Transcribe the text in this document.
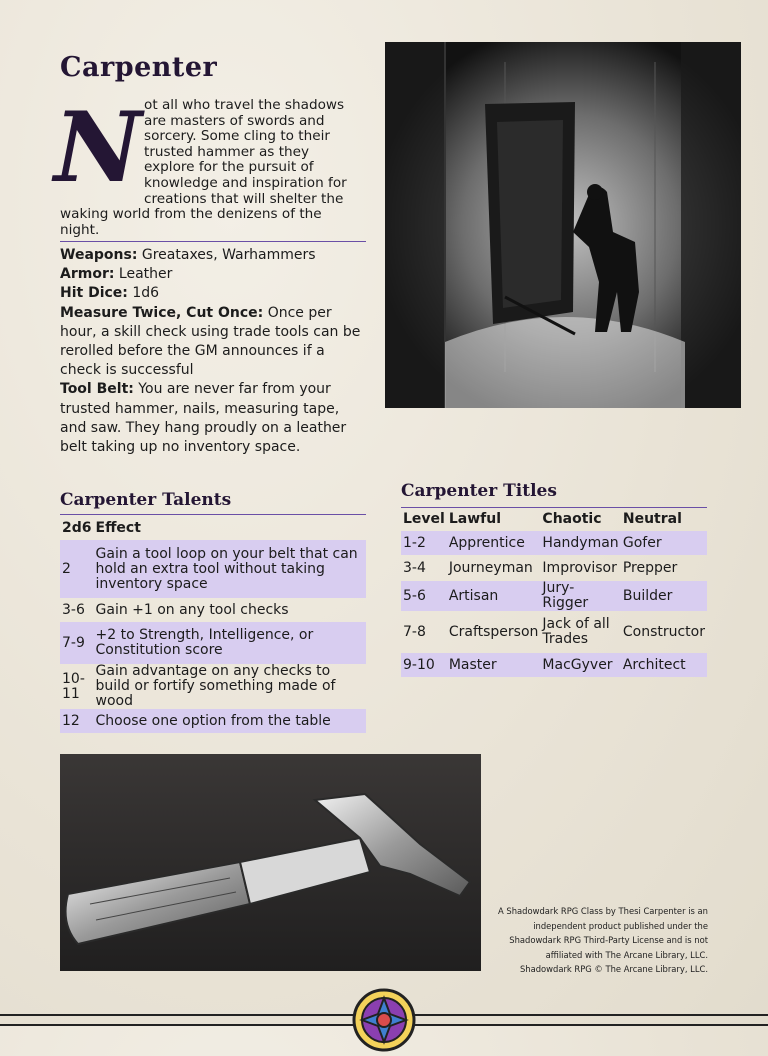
Carpenter
N ot all who travel the shadows are masters of swords and sorcery. Some cling to their trusted hammer as they explore for the pursuit of knowledge and inspiration for creations that will shelter the waking world from the denizens of the night.

Weapons: Greataxes, Warhammers

Armor: Leather

Hit Dice: 1d6

Measure Twice, Cut Once: Once per hour, a skill check using trade tools can be rerolled before the GM announces if a check is successful

Tool Belt: You are never far from your trusted hammer, nails, measuring tape, and saw. They hang proudly on a leather belt taking up no inventory space.

Carpenter Talents
2d6	Effect
2	Gain a tool loop on your belt that can hold an extra tool without taking inventory space
3-6	Gain +1 on any tool checks
7-9	+2 to Strength, Intelligence, or Constitution score
10-11	Gain advantage on any checks to build or fortify something made of wood
12	Choose one option from the table
Carpenter Titles
Level	Lawful	Chaotic	Neutral
1-2	Apprentice	Handyman	Gofer
3-4	Journeyman	Improvisor	Prepper
5-6	Artisan	Jury-Rigger	Builder
7-8	Craftsperson	Jack of all Trades	Constructor
9-10	Master	MacGyver	Architect
A Shadowdark RPG Class by Thesi Carpenter is an independent product published under the Shadowdark RPG Third-Party License and is not affiliated with The Arcane Library, LLC. Shadowdark RPG © The Arcane Library, LLC.
